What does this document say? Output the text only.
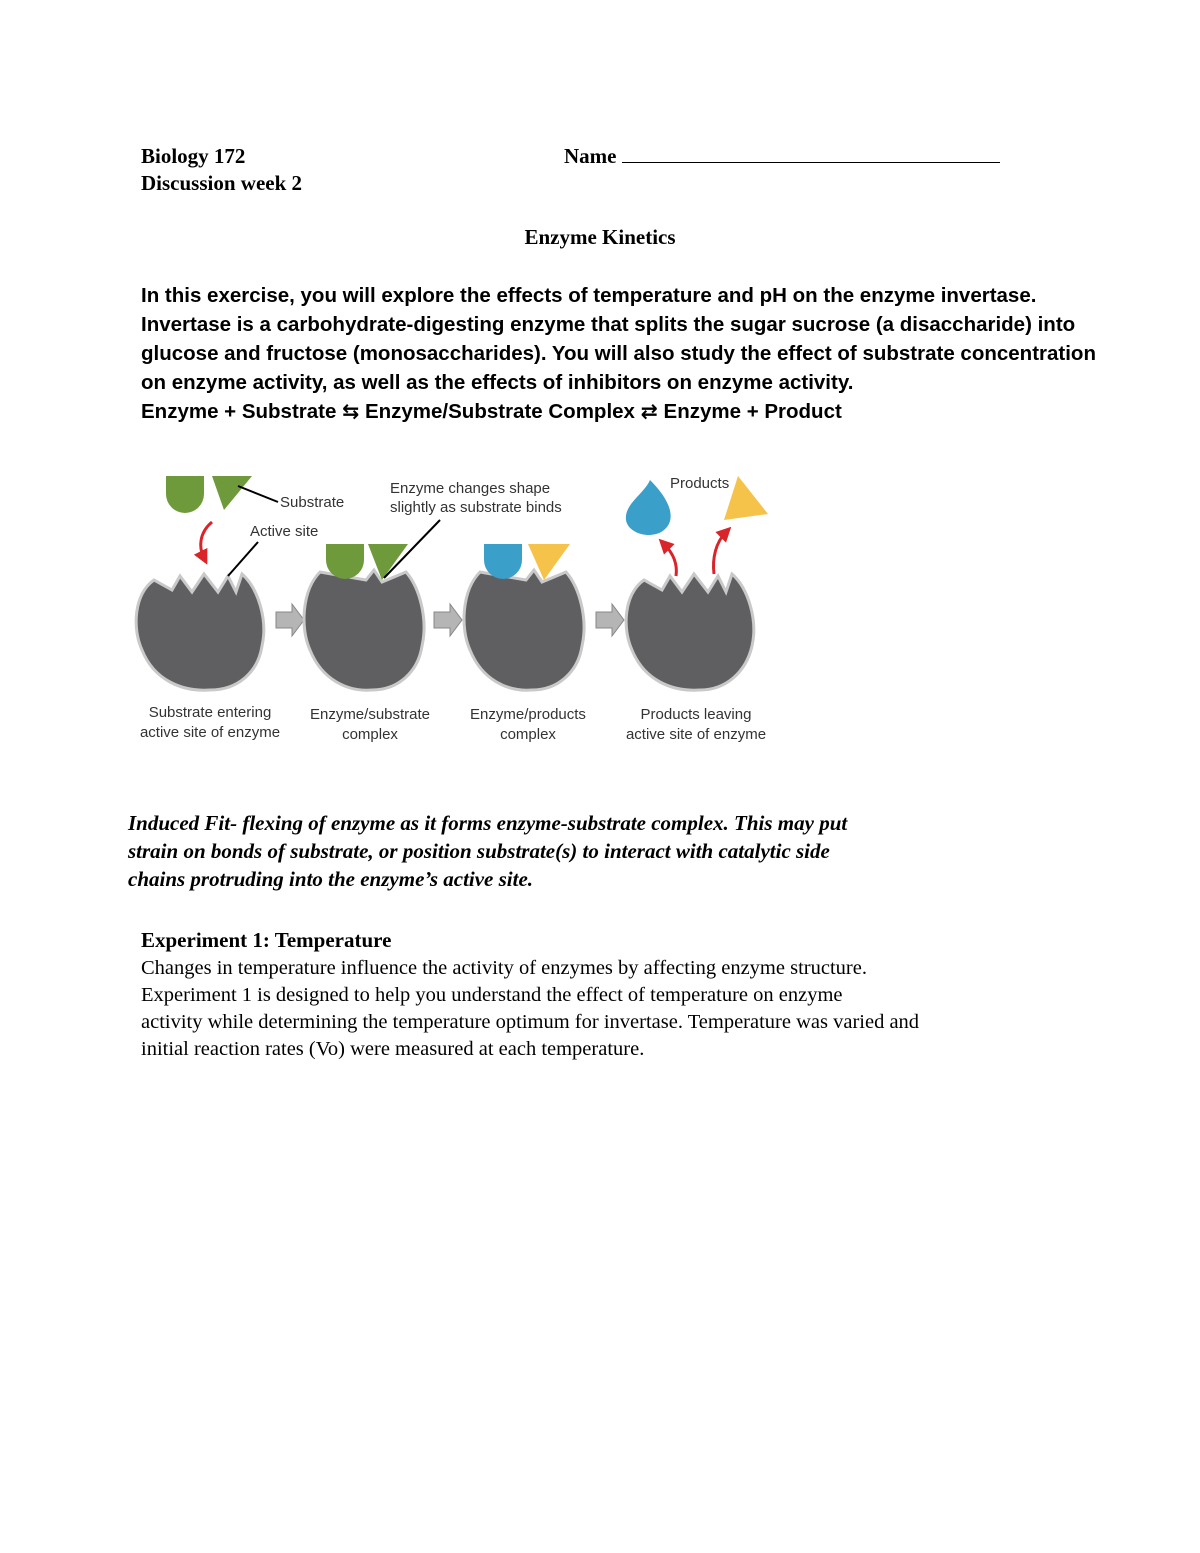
Biology 172
Discussion week 2
Name
Enzyme Kinetics
In this exercise, you will explore the effects of temperature and pH on the enzyme invertase.
Invertase is a carbohydrate-digesting enzyme that splits the sugar sucrose (a disaccharide) into
glucose and fructose (monosaccharides). You will also study the effect of substrate concentration
on enzyme activity, as well as the effects of inhibitors on enzyme activity.
Enzyme + Substrate ⇆ Enzyme/Substrate Complex ⇄ Enzyme + Product
Substrate
Active site
Substrate entering
active site of enzyme
Enzyme changes shape
slightly as substrate binds
Enzyme/substrate
complex
Enzyme/products
complex
Products
Products leaving
active site of enzyme
Induced Fit- flexing of enzyme as it forms enzyme-substrate complex. This may put
strain on bonds of substrate, or position substrate(s) to interact with catalytic side
chains protruding into the enzyme’s active site.
Experiment 1: Temperature
Changes in temperature influence the activity of enzymes by affecting enzyme structure.
Experiment 1 is designed to help you understand the effect of temperature on enzyme
activity while determining the temperature optimum for invertase. Temperature was varied and
initial reaction rates (Vo) were measured at each temperature.
